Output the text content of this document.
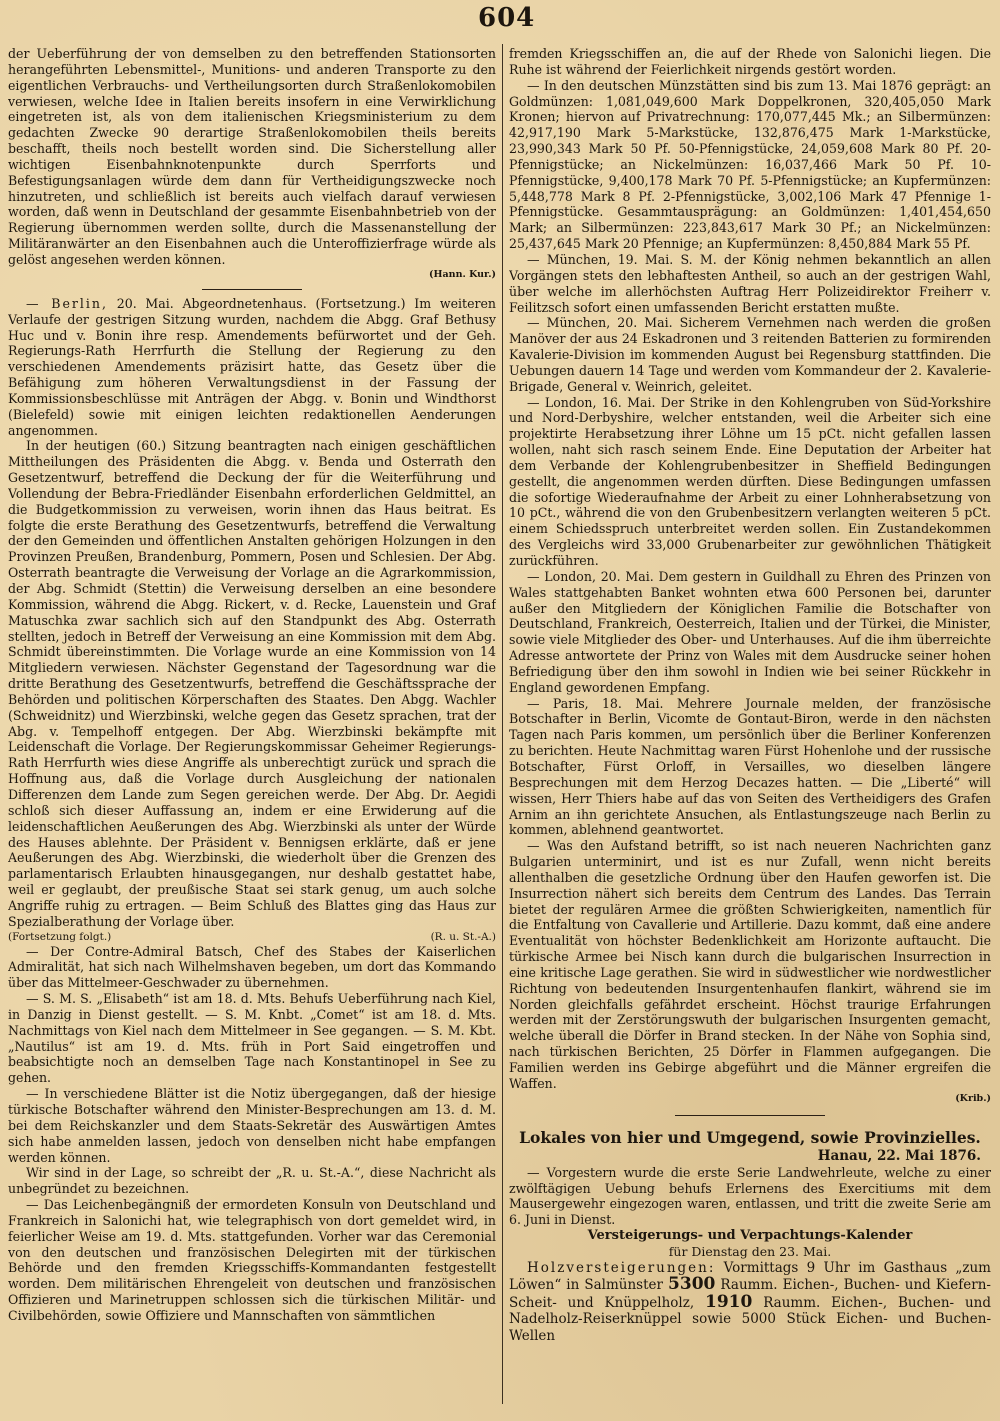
604

der Ueberführung der von demselben zu den betreffenden Stationsorten herangeführten Lebensmittel-, Munitions- und anderen Transporte zu den eigentlichen Verbrauchs- und Vertheilungsorten durch Straßenlokomobilen verwiesen, welche Idee in Italien bereits insofern in eine Verwirklichung eingetreten ist, als von dem italienischen Kriegsministerium zu dem gedachten Zwecke 90 derartige Straßenlokomobilen theils bereits beschafft, theils noch bestellt worden sind. Die Sicherstellung aller wichtigen Eisenbahnknotenpunkte durch Sperrforts und Befestigungsanlagen würde dem dann für Vertheidigungszwecke noch hinzutreten, und schließlich ist bereits auch vielfach darauf verwiesen worden, daß wenn in Deutschland der gesammte Eisenbahnbetrieb von der Regierung übernommen werden sollte, durch die Massenanstellung der Militäranwärter an den Eisenbahnen auch die Unteroffizierfrage würde als gelöst angesehen werden können.

(Hann. Kur.)

— Berlin, 20. Mai. Abgeordnetenhaus. (Fortsetzung.) Im weiteren Verlaufe der gestrigen Sitzung wurden, nachdem die Abgg. Graf Bethusy Huc und v. Bonin ihre resp. Amendements befürwortet und der Geh. Regierungs-Rath Herrfurth die Stellung der Regierung zu den verschiedenen Amendements präzisirt hatte, das Gesetz über die Befähigung zum höheren Verwaltungsdienst in der Fassung der Kommissionsbeschlüsse mit Anträgen der Abgg. v. Bonin und Windthorst (Bielefeld) sowie mit einigen leichten redaktionellen Aenderungen angenommen.

In der heutigen (60.) Sitzung beantragten nach einigen geschäftlichen Mittheilungen des Präsidenten die Abgg. v. Benda und Osterrath den Gesetzentwurf, betreffend die Deckung der für die Weiterführung und Vollendung der Bebra-Friedländer Eisenbahn erforderlichen Geldmittel, an die Budgetkommission zu verweisen, worin ihnen das Haus beitrat. Es folgte die erste Berathung des Gesetzentwurfs, betreffend die Verwaltung der den Gemeinden und öffentlichen Anstalten gehörigen Holzungen in den Provinzen Preußen, Brandenburg, Pommern, Posen und Schlesien. Der Abg. Osterrath beantragte die Verweisung der Vorlage an die Agrarkommission, der Abg. Schmidt (Stettin) die Verweisung derselben an eine besondere Kommission, während die Abgg. Rickert, v. d. Recke, Lauenstein und Graf Matuschka zwar sachlich sich auf den Standpunkt des Abg. Osterrath stellten, jedoch in Betreff der Verweisung an eine Kommission mit dem Abg. Schmidt übereinstimmten. Die Vorlage wurde an eine Kommission von 14 Mitgliedern verwiesen. Nächster Gegenstand der Tagesordnung war die dritte Berathung des Gesetzentwurfs, betreffend die Geschäftssprache der Behörden und politischen Körperschaften des Staates. Den Abgg. Wachler (Schweidnitz) und Wierzbinski, welche gegen das Gesetz sprachen, trat der Abg. v. Tempelhoff entgegen. Der Abg. Wierzbinski bekämpfte mit Leidenschaft die Vorlage. Der Regierungskommissar Geheimer Regierungs-Rath Herrfurth wies diese Angriffe als unberechtigt zurück und sprach die Hoffnung aus, daß die Vorlage durch Ausgleichung der nationalen Differenzen dem Lande zum Segen gereichen werde. Der Abg. Dr. Aegidi schloß sich dieser Auffassung an, indem er eine Erwiderung auf die leidenschaftlichen Aeußerungen des Abg. Wierzbinski als unter der Würde des Hauses ablehnte. Der Präsident v. Bennigsen erklärte, daß er jene Aeußerungen des Abg. Wierzbinski, die wiederholt über die Grenzen des parlamentarisch Erlaubten hinausgegangen, nur deshalb gestattet habe, weil er geglaubt, der preußische Staat sei stark genug, um auch solche Angriffe ruhig zu ertragen. — Beim Schluß des Blattes ging das Haus zur Spezialberathung der Vorlage über.

(Fortsetzung folgt.)	(R. u. St.-A.)

— Der Contre-Admiral Batsch, Chef des Stabes der Kaiserlichen Admiralität, hat sich nach Wilhelmshaven begeben, um dort das Kommando über das Mittelmeer-Geschwader zu übernehmen.

— S. M. S. „Elisabeth“ ist am 18. d. Mts. Behufs Ueberführung nach Kiel, in Danzig in Dienst gestellt. — S. M. Knbt. „Comet“ ist am 18. d. Mts. Nachmittags von Kiel nach dem Mittelmeer in See gegangen. — S. M. Kbt. „Nautilus“ ist am 19. d. Mts. früh in Port Said eingetroffen und beabsichtigte noch an demselben Tage nach Konstantinopel in See zu gehen.

— In verschiedene Blätter ist die Notiz übergegangen, daß der hiesige türkische Botschafter während den Minister-Besprechungen am 13. d. M. bei dem Reichskanzler und dem Staats-Sekretär des Auswärtigen Amtes sich habe anmelden lassen, jedoch von denselben nicht habe empfangen werden können.

Wir sind in der Lage, so schreibt der „R. u. St.-A.“, diese Nachricht als unbegründet zu bezeichnen.

— Das Leichenbegängniß der ermordeten Konsuln von Deutschland und Frankreich in Salonichi hat, wie telegraphisch von dort gemeldet wird, in feierlicher Weise am 19. d. Mts. stattgefunden. Vorher war das Ceremonial von den deutschen und französischen Delegirten mit der türkischen Behörde und den fremden Kriegsschiffs-Kommandanten festgestellt worden. Dem militärischen Ehrengeleit von deutschen und französischen Offizieren und Marinetruppen schlossen sich die türkischen Militär- und Civilbehörden, sowie Offiziere und Mannschaften von sämmtlichen

fremden Kriegsschiffen an, die auf der Rhede von Salonichi liegen. Die Ruhe ist während der Feierlichkeit nirgends gestört worden.

— In den deutschen Münzstätten sind bis zum 13. Mai 1876 geprägt: an Goldmünzen: 1,081,049,600 Mark Doppelkronen, 320,405,050 Mark Kronen; hiervon auf Privatrechnung: 170,077,445 Mk.; an Silbermünzen: 42,917,190 Mark 5-Markstücke, 132,876,475 Mark 1-Markstücke, 23,990,343 Mark 50 Pf. 50-Pfennigstücke, 24,059,608 Mark 80 Pf. 20-Pfennigstücke; an Nickelmünzen: 16,037,466 Mark 50 Pf. 10-Pfennigstücke, 9,400,178 Mark 70 Pf. 5-Pfennigstücke; an Kupfermünzen: 5,448,778 Mark 8 Pf. 2-Pfennigstücke, 3,002,106 Mark 47 Pfennige 1-Pfennigstücke. Gesammtausprägung: an Goldmünzen: 1,401,454,650 Mark; an Silbermünzen: 223,843,617 Mark 30 Pf.; an Nickelmünzen: 25,437,645 Mark 20 Pfennige; an Kupfermünzen: 8,450,884 Mark 55 Pf.

— München, 19. Mai. S. M. der König nehmen bekanntlich an allen Vorgängen stets den lebhaftesten Antheil, so auch an der gestrigen Wahl, über welche im allerhöchsten Auftrag Herr Polizeidirektor Freiherr v. Feilitzsch sofort einen umfassenden Bericht erstatten mußte.

— München, 20. Mai. Sicherem Vernehmen nach werden die großen Manöver der aus 24 Eskadronen und 3 reitenden Batterien zu formirenden Kavalerie-Division im kommenden August bei Regensburg stattfinden. Die Uebungen dauern 14 Tage und werden vom Kommandeur der 2. Kavalerie-Brigade, General v. Weinrich, geleitet.

— London, 16. Mai. Der Strike in den Kohlengruben von Süd-Yorkshire und Nord-Derbyshire, welcher entstanden, weil die Arbeiter sich eine projektirte Herabsetzung ihrer Löhne um 15 pCt. nicht gefallen lassen wollen, naht sich rasch seinem Ende. Eine Deputation der Arbeiter hat dem Verbande der Kohlengrubenbesitzer in Sheffield Bedingungen gestellt, die angenommen werden dürften. Diese Bedingungen umfassen die sofortige Wiederaufnahme der Arbeit zu einer Lohnherabsetzung von 10 pCt., während die von den Grubenbesitzern verlangten weiteren 5 pCt. einem Schiedsspruch unterbreitet werden sollen. Ein Zustandekommen des Vergleichs wird 33,000 Grubenarbeiter zur gewöhnlichen Thätigkeit zurückführen.

— London, 20. Mai. Dem gestern in Guildhall zu Ehren des Prinzen von Wales stattgehabten Banket wohnten etwa 600 Personen bei, darunter außer den Mitgliedern der Königlichen Familie die Botschafter von Deutschland, Frankreich, Oesterreich, Italien und der Türkei, die Minister, sowie viele Mitglieder des Ober- und Unterhauses. Auf die ihm überreichte Adresse antwortete der Prinz von Wales mit dem Ausdrucke seiner hohen Befriedigung über den ihm sowohl in Indien wie bei seiner Rückkehr in England gewordenen Empfang.

— Paris, 18. Mai. Mehrere Journale melden, der französische Botschafter in Berlin, Vicomte de Gontaut-Biron, werde in den nächsten Tagen nach Paris kommen, um persönlich über die Berliner Konferenzen zu berichten. Heute Nachmittag waren Fürst Hohenlohe und der russische Botschafter, Fürst Orloff, in Versailles, wo dieselben längere Besprechungen mit dem Herzog Decazes hatten. — Die „Liberté“ will wissen, Herr Thiers habe auf das von Seiten des Vertheidigers des Grafen Arnim an ihn gerichtete Ansuchen, als Entlastungszeuge nach Berlin zu kommen, ablehnend geantwortet.

— Was den Aufstand betrifft, so ist nach neueren Nachrichten ganz Bulgarien unterminirt, und ist es nur Zufall, wenn nicht bereits allenthalben die gesetzliche Ordnung über den Haufen geworfen ist. Die Insurrection nähert sich bereits dem Centrum des Landes. Das Terrain bietet der regulären Armee die größten Schwierigkeiten, namentlich für die Entfaltung von Cavallerie und Artillerie. Dazu kommt, daß eine andere Eventualität von höchster Bedenklichkeit am Horizonte auftaucht. Die türkische Armee bei Nisch kann durch die bulgarischen Insurrection in eine kritische Lage gerathen. Sie wird in südwestlicher wie nordwestlicher Richtung von bedeutenden Insurgentenhaufen flankirt, während sie im Norden gleichfalls gefährdet erscheint. Höchst traurige Erfahrungen werden mit der Zerstörungswuth der bulgarischen Insurgenten gemacht, welche überall die Dörfer in Brand stecken. In der Nähe von Sophia sind, nach türkischen Berichten, 25 Dörfer in Flammen aufgegangen. Die Familien werden ins Gebirge abgeführt und die Männer ergreifen die Waffen.

(Krib.)
Lokales von hier und Umgegend, sowie Provinzielles.
Hanau, 22. Mai 1876.

— Vorgestern wurde die erste Serie Landwehrleute, welche zu einer zwölftägigen Uebung behufs Erlernens des Exercitiums mit dem Mausergewehr eingezogen waren, entlassen, und tritt die zweite Serie am 6. Juni in Dienst.

Versteigerungs- und Verpachtungs-Kalender
für Dienstag den 23. Mai.

Holzversteigerungen: Vormittags 9 Uhr im Gasthaus „zum Löwen“ in Salmünster 5300 Raumm. Eichen-, Buchen- und Kiefern-Scheit- und Knüppelholz, 1910 Raumm. Eichen-, Buchen- und Nadelholz-Reiserknüppel sowie 5000 Stück Eichen- und Buchen-Wellen
